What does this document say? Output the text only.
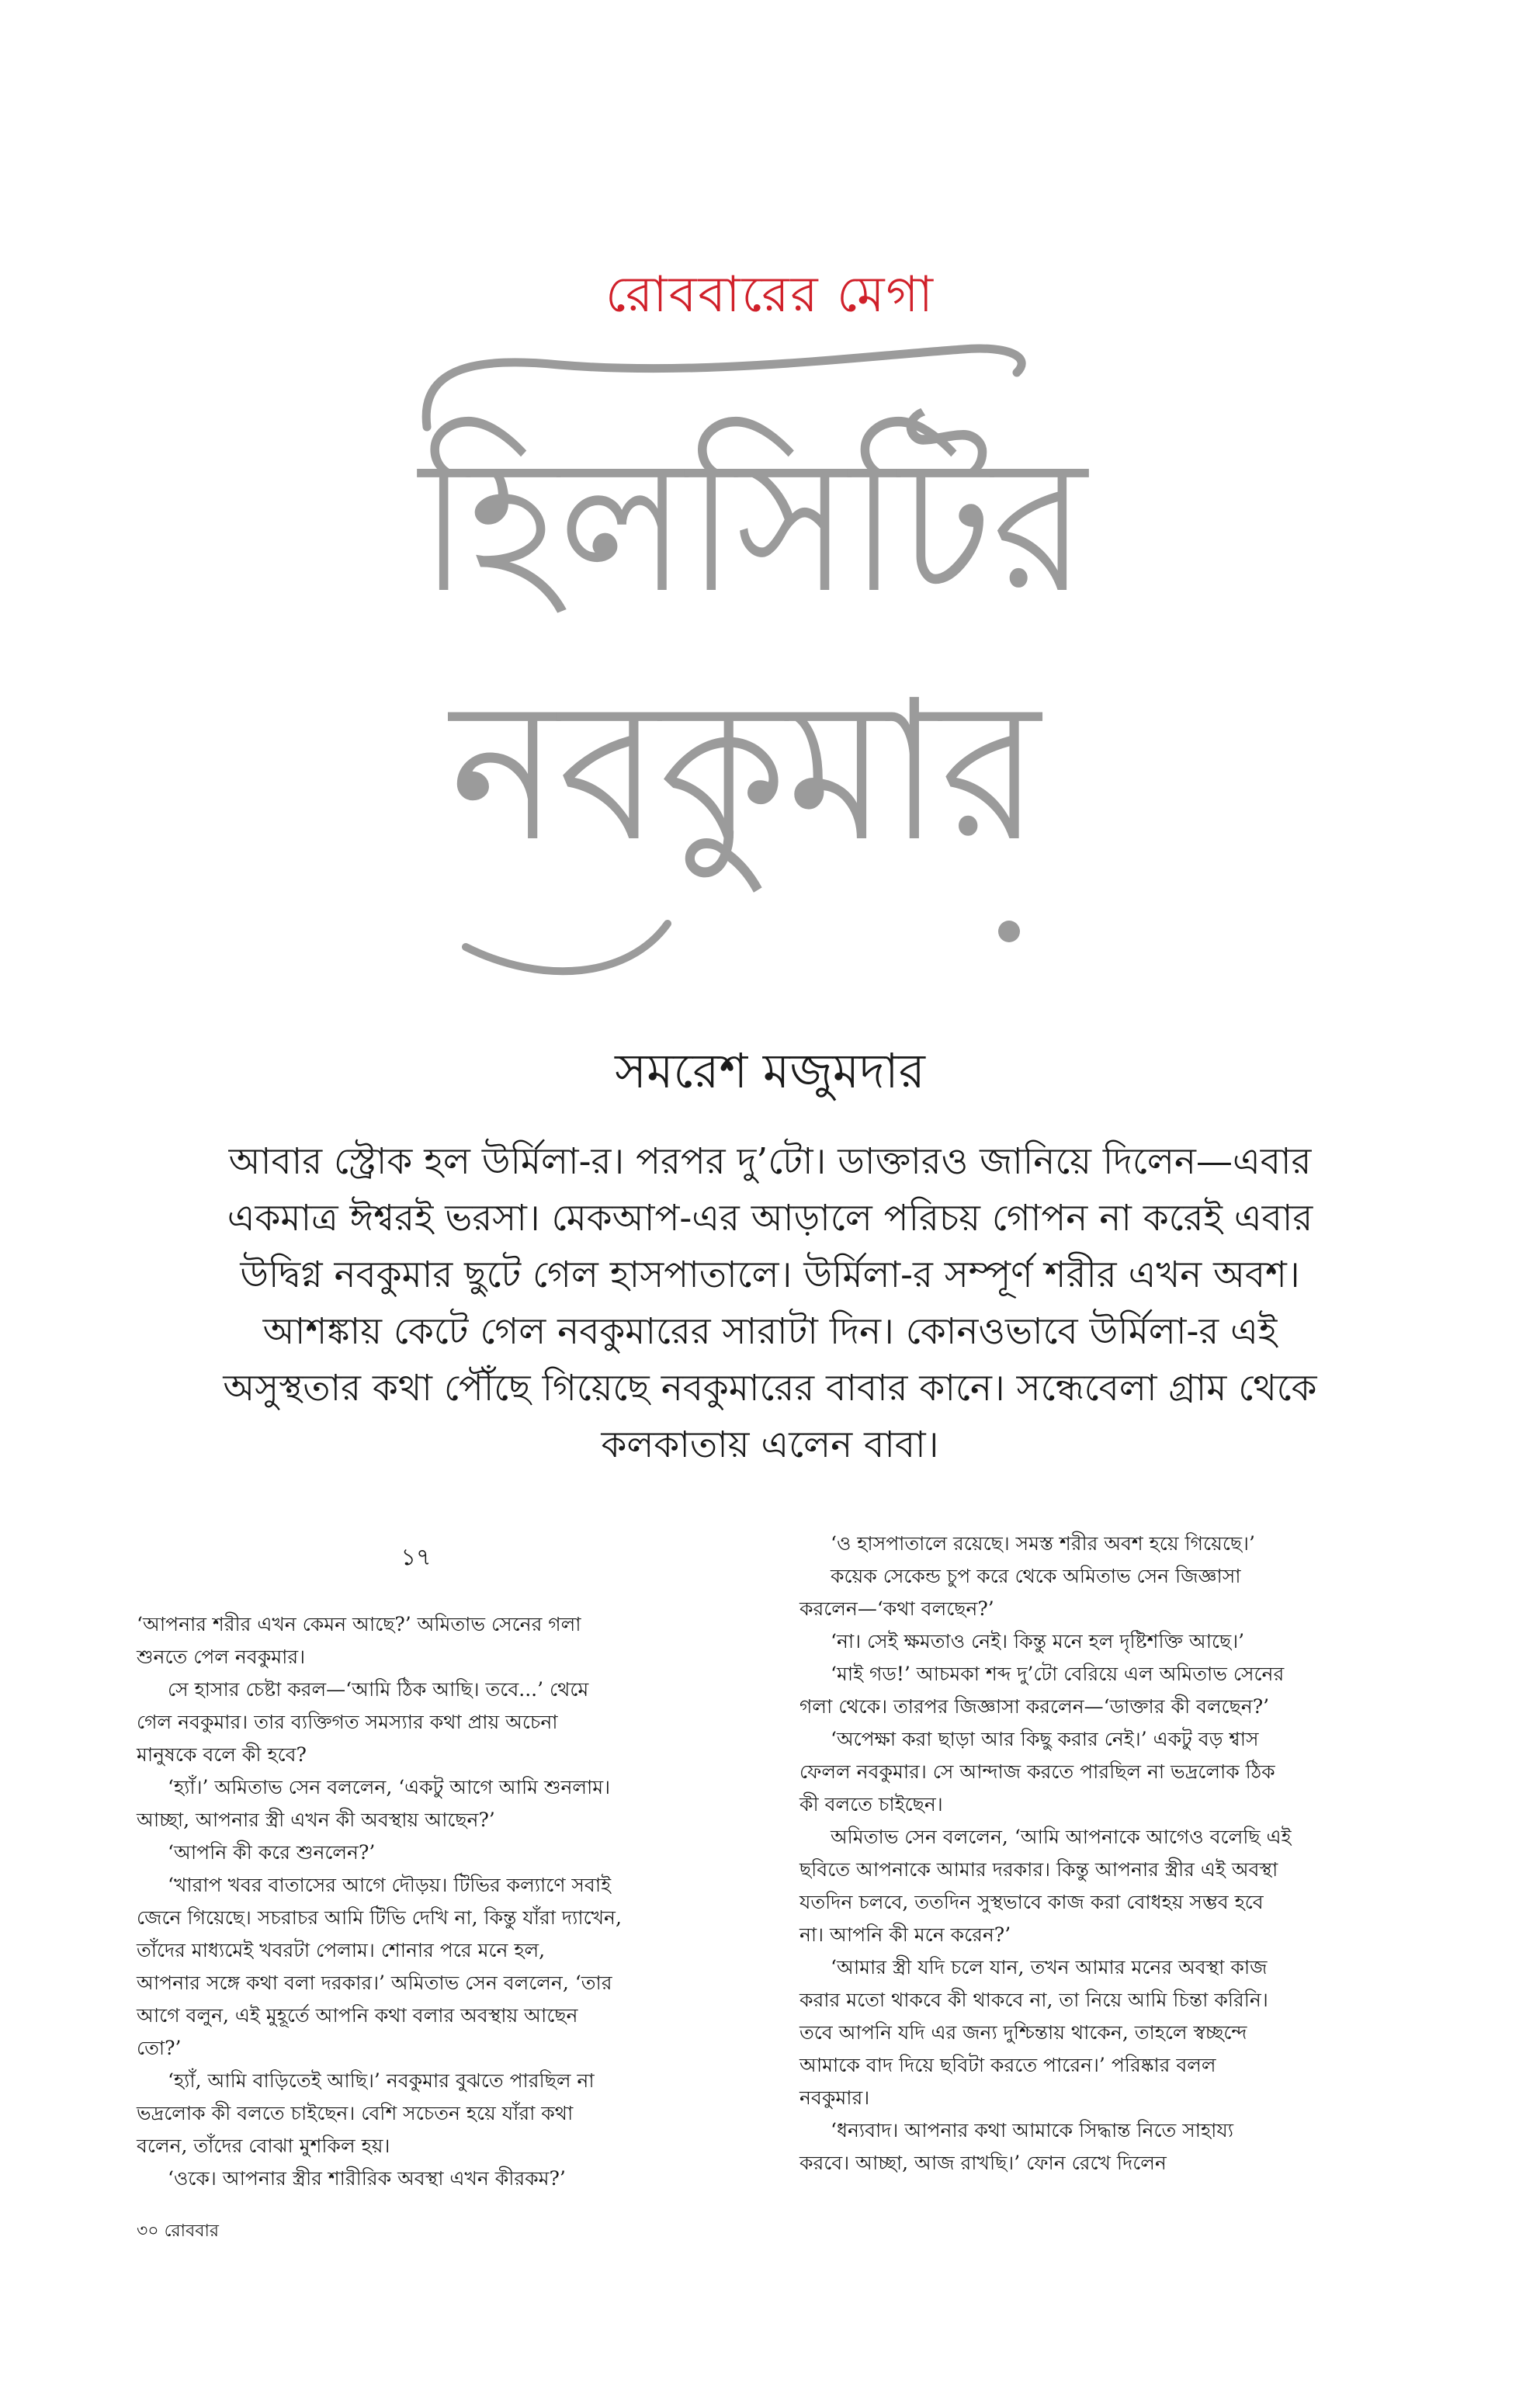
রোববারের মেগা
হিলসিটির
নবকুমার
সমরেশ মজুমদার
আবার স্ট্রোক হল উর্মিলা-র। পরপর দু’টো। ডাক্তারও জানিয়ে দিলেন—এবার
একমাত্র ঈশ্বরই ভরসা। মেকআপ-এর আড়ালে পরিচয় গোপন না করেই এবার
উদ্বিগ্ন নবকুমার ছুটে গেল হাসপাতালে। উর্মিলা-র সম্পূর্ণ শরীর এখন অবশ।
আশঙ্কায় কেটে গেল নবকুমারের সারাটা দিন। কোনওভাবে উর্মিলা-র এই
অসুস্থতার কথা পৌঁছে গিয়েছে নবকুমারের বাবার কানে। সন্ধেবেলা গ্রাম থেকে
কলকাতায় এলেন বাবা।
১৭

‘আপনার শরীর এখন কেমন আছে?’ অমিতাভ সেনের গলা
শুনতে পেল নবকুমার।

সে হাসার চেষ্টা করল—‘আমি ঠিক আছি। তবে...’ থেমে
গেল নবকুমার। তার ব্যক্তিগত সমস্যার কথা প্রায় অচেনা
মানুষকে বলে কী হবে?

‘হ্যাঁ।’ অমিতাভ সেন বললেন, ‘একটু আগে আমি শুনলাম।
আচ্ছা, আপনার স্ত্রী এখন কী অবস্থায় আছেন?’

‘আপনি কী করে শুনলেন?’

‘খারাপ খবর বাতাসের আগে দৌড়য়। টিভির কল্যাণে সবাই
জেনে গিয়েছে। সচরাচর আমি টিভি দেখি না, কিন্তু যাঁরা দ্যাখেন,
তাঁদের মাধ্যমেই খবরটা পেলাম। শোনার পরে মনে হল,
আপনার সঙ্গে কথা বলা দরকার।’ অমিতাভ সেন বললেন, ‘তার
আগে বলুন, এই মুহূর্তে আপনি কথা বলার অবস্থায় আছেন
তো?’

‘হ্যাঁ, আমি বাড়িতেই আছি।’ নবকুমার বুঝতে পারছিল না
ভদ্রলোক কী বলতে চাইছেন। বেশি সচেতন হয়ে যাঁরা কথা
বলেন, তাঁদের বোঝা মুশকিল হয়।

‘ওকে। আপনার স্ত্রীর শারীরিক অবস্থা এখন কীরকম?’

‘ও হাসপাতালে রয়েছে। সমস্ত শরীর অবশ হয়ে গিয়েছে।’

কয়েক সেকেন্ড চুপ করে থেকে অমিতাভ সেন জিজ্ঞাসা
করলেন—‘কথা বলছেন?’

‘না। সেই ক্ষমতাও নেই। কিন্তু মনে হল দৃষ্টিশক্তি আছে।’

‘মাই গড!’ আচমকা শব্দ দু’টো বেরিয়ে এল অমিতাভ সেনের
গলা থেকে। তারপর জিজ্ঞাসা করলেন—‘ডাক্তার কী বলছেন?’

‘অপেক্ষা করা ছাড়া আর কিছু করার নেই।’ একটু বড় শ্বাস
ফেলল নবকুমার। সে আন্দাজ করতে পারছিল না ভদ্রলোক ঠিক
কী বলতে চাইছেন।

অমিতাভ সেন বললেন, ‘আমি আপনাকে আগেও বলেছি এই
ছবিতে আপনাকে আমার দরকার। কিন্তু আপনার স্ত্রীর এই অবস্থা
যতদিন চলবে, ততদিন সুস্থভাবে কাজ করা বোধহয় সম্ভব হবে
না। আপনি কী মনে করেন?’

‘আমার স্ত্রী যদি চলে যান, তখন আমার মনের অবস্থা কাজ
করার মতো থাকবে কী থাকবে না, তা নিয়ে আমি চিন্তা করিনি।
তবে আপনি যদি এর জন্য দুশ্চিন্তায় থাকেন, তাহলে স্বচ্ছন্দে
আমাকে বাদ দিয়ে ছবিটা করতে পারেন।’ পরিষ্কার বলল
নবকুমার।

‘ধন্যবাদ। আপনার কথা আমাকে সিদ্ধান্ত নিতে সাহায্য
করবে। আচ্ছা, আজ রাখছি।’ ফোন রেখে দিলেন

৩০ রোববার
